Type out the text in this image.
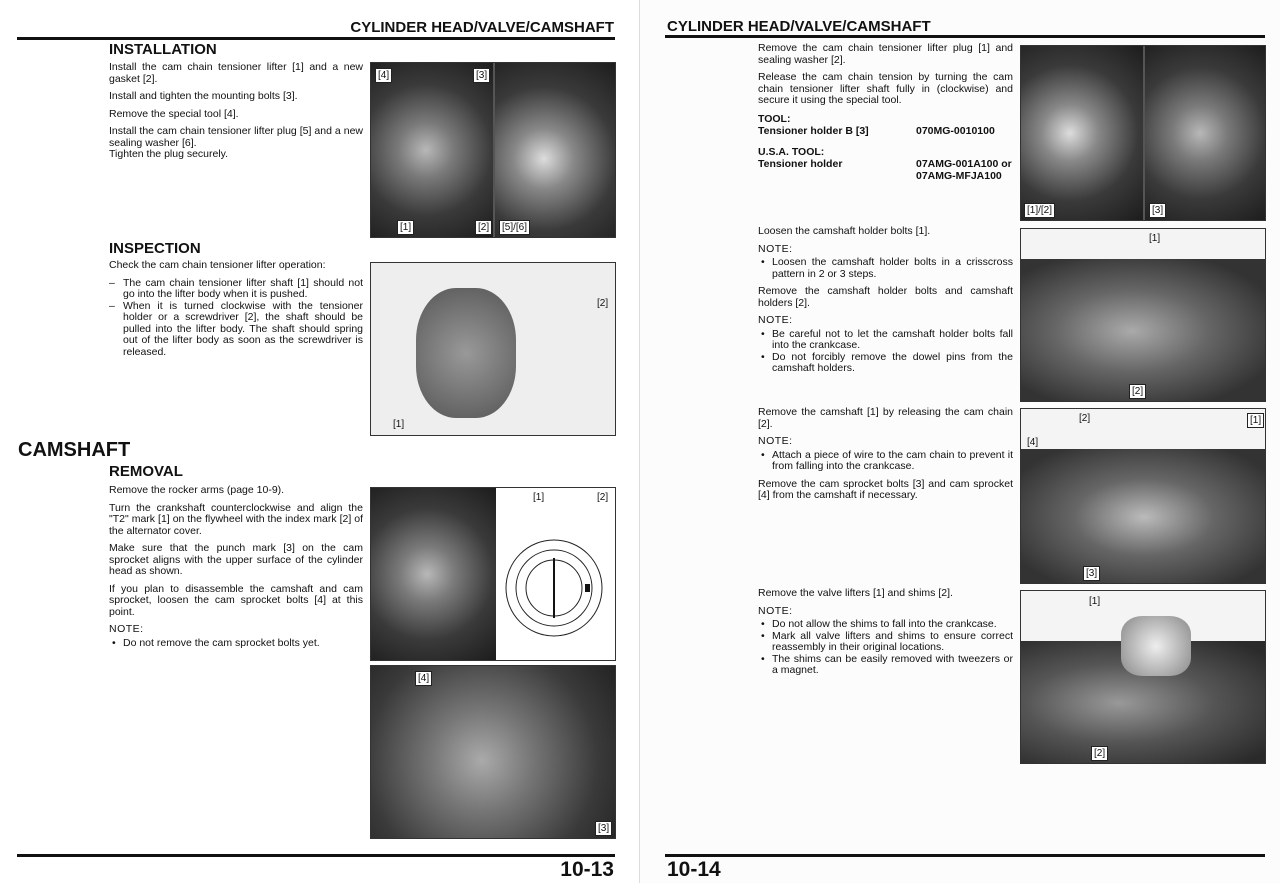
CYLINDER HEAD/VALVE/CAMSHAFT
INSTALLATION

Install the cam chain tensioner lifter [1] and a new gasket [2].

Install and tighten the mounting bolts [3].

Remove the special tool [4].

Install the cam chain tensioner lifter plug [5] and a new sealing washer [6].

Tighten the plug securely.

[4]	[3]
[1]	[2]	[5]/[6]
INSPECTION

Check the cam chain tensioner lifter operation:

– The cam chain tensioner lifter shaft [1] should not go into the lifter body when it is pushed.
– When it is turned clockwise with the tensioner holder or a screwdriver [2], the shaft should be pulled into the lifter body. The shaft should spring out of the lifter body as soon as the screwdriver is released.
[2]
[1]
CAMSHAFT
REMOVAL

Remove the rocker arms (page 10-9).

Turn the crankshaft counterclockwise and align the "T2" mark [1] on the flywheel with the index mark [2] of the alternator cover.

Make sure that the punch mark [3] on the cam sprocket aligns with the upper surface of the cylinder head as shown.

If you plan to disassemble the camshaft and cam sprocket, loosen the cam sprocket bolts [4] at this point.

NOTE:
• Do not remove the cam sprocket bolts yet.
[1]	[2]
[4]
[3]
10-13
CYLINDER HEAD/VALVE/CAMSHAFT

Remove the cam chain tensioner lifter plug [1] and sealing washer [2].

Release the cam chain tension by turning the cam chain tensioner lifter shaft fully in (clockwise) and secure it using the special tool.

TOOL:
Tensioner holder B [3]	070MG-0010100
U.S.A. TOOL:
Tensioner holder	07AMG-001A100 or
07AMG-MFJA100
[1]/[2]	[3]

Loosen the camshaft holder bolts [1].

NOTE:
• Loosen the camshaft holder bolts in a crisscross pattern in 2 or 3 steps.

Remove the camshaft holder bolts and camshaft holders [2].

NOTE:
• Be careful not to let the camshaft holder bolts fall into the crankcase.
• Do not forcibly remove the dowel pins from the camshaft holders.
[1]
[2]

Remove the camshaft [1] by releasing the cam chain [2].

NOTE:
• Attach a piece of wire to the cam chain to prevent it from falling into the crankcase.

Remove the cam sprocket bolts [3] and cam sprocket [4] from the camshaft if necessary.

[2]	[1]
[4]
[3]

Remove the valve lifters [1] and shims [2].

NOTE:
• Do not allow the shims to fall into the crankcase.
• Mark all valve lifters and shims to ensure correct reassembly in their original locations.
• The shims can be easily removed with tweezers or a magnet.
[1]
[2]
10-14
